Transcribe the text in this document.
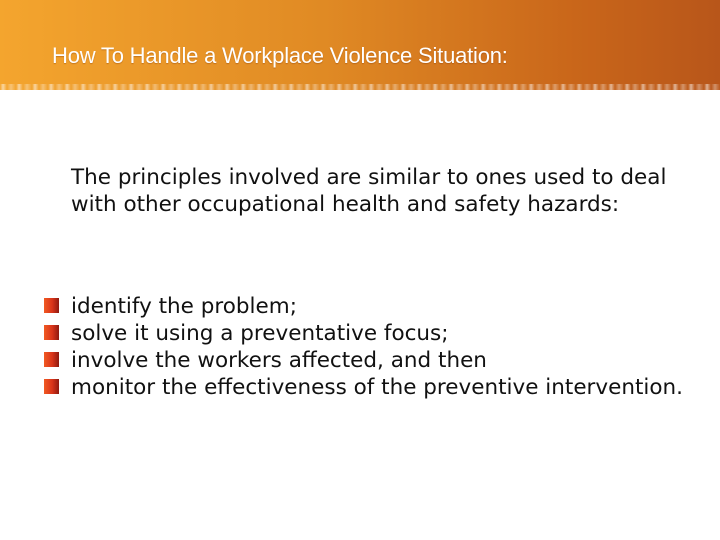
How To Handle a Workplace Violence Situation:

The principles involved are similar to ones used to deal with other occupational health and safety hazards:

identify the problem;
solve it using a preventative focus;
involve the workers affected, and then
monitor the effectiveness of the preventive intervention.
